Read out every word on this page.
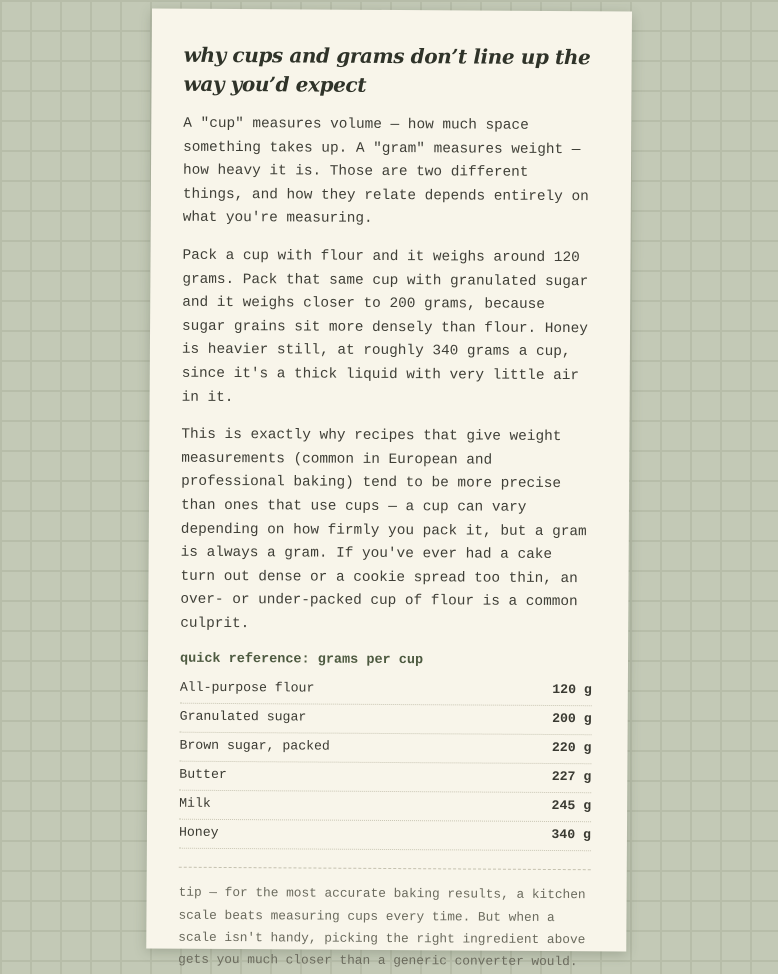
why cups and grams don’t line up the way you’d expect

A "cup" measures volume — how much space something takes up. A "gram" measures weight — how heavy it is. Those are two different things, and how they relate depends entirely on what you're measuring.

Pack a cup with flour and it weighs around 120 grams. Pack that same cup with granulated sugar and it weighs closer to 200 grams, because sugar grains sit more densely than flour. Honey is heavier still, at roughly 340 grams a cup, since it's a thick liquid with very little air in it.

This is exactly why recipes that give weight measurements (common in European and professional baking) tend to be more precise than ones that use cups — a cup can vary depending on how firmly you pack it, but a gram is always a gram. If you've ever had a cake turn out dense or a cookie spread too thin, an over- or under-packed cup of flour is a common culprit.

quick reference: grams per cup
All-purpose flour	120 g
Granulated sugar	200 g
Brown sugar, packed	220 g
Butter	227 g
Milk	245 g
Honey	340 g

tip — for the most accurate baking results, a kitchen scale beats measuring cups every time. But when a scale isn't handy, picking the right ingredient above gets you much closer than a generic converter would.
